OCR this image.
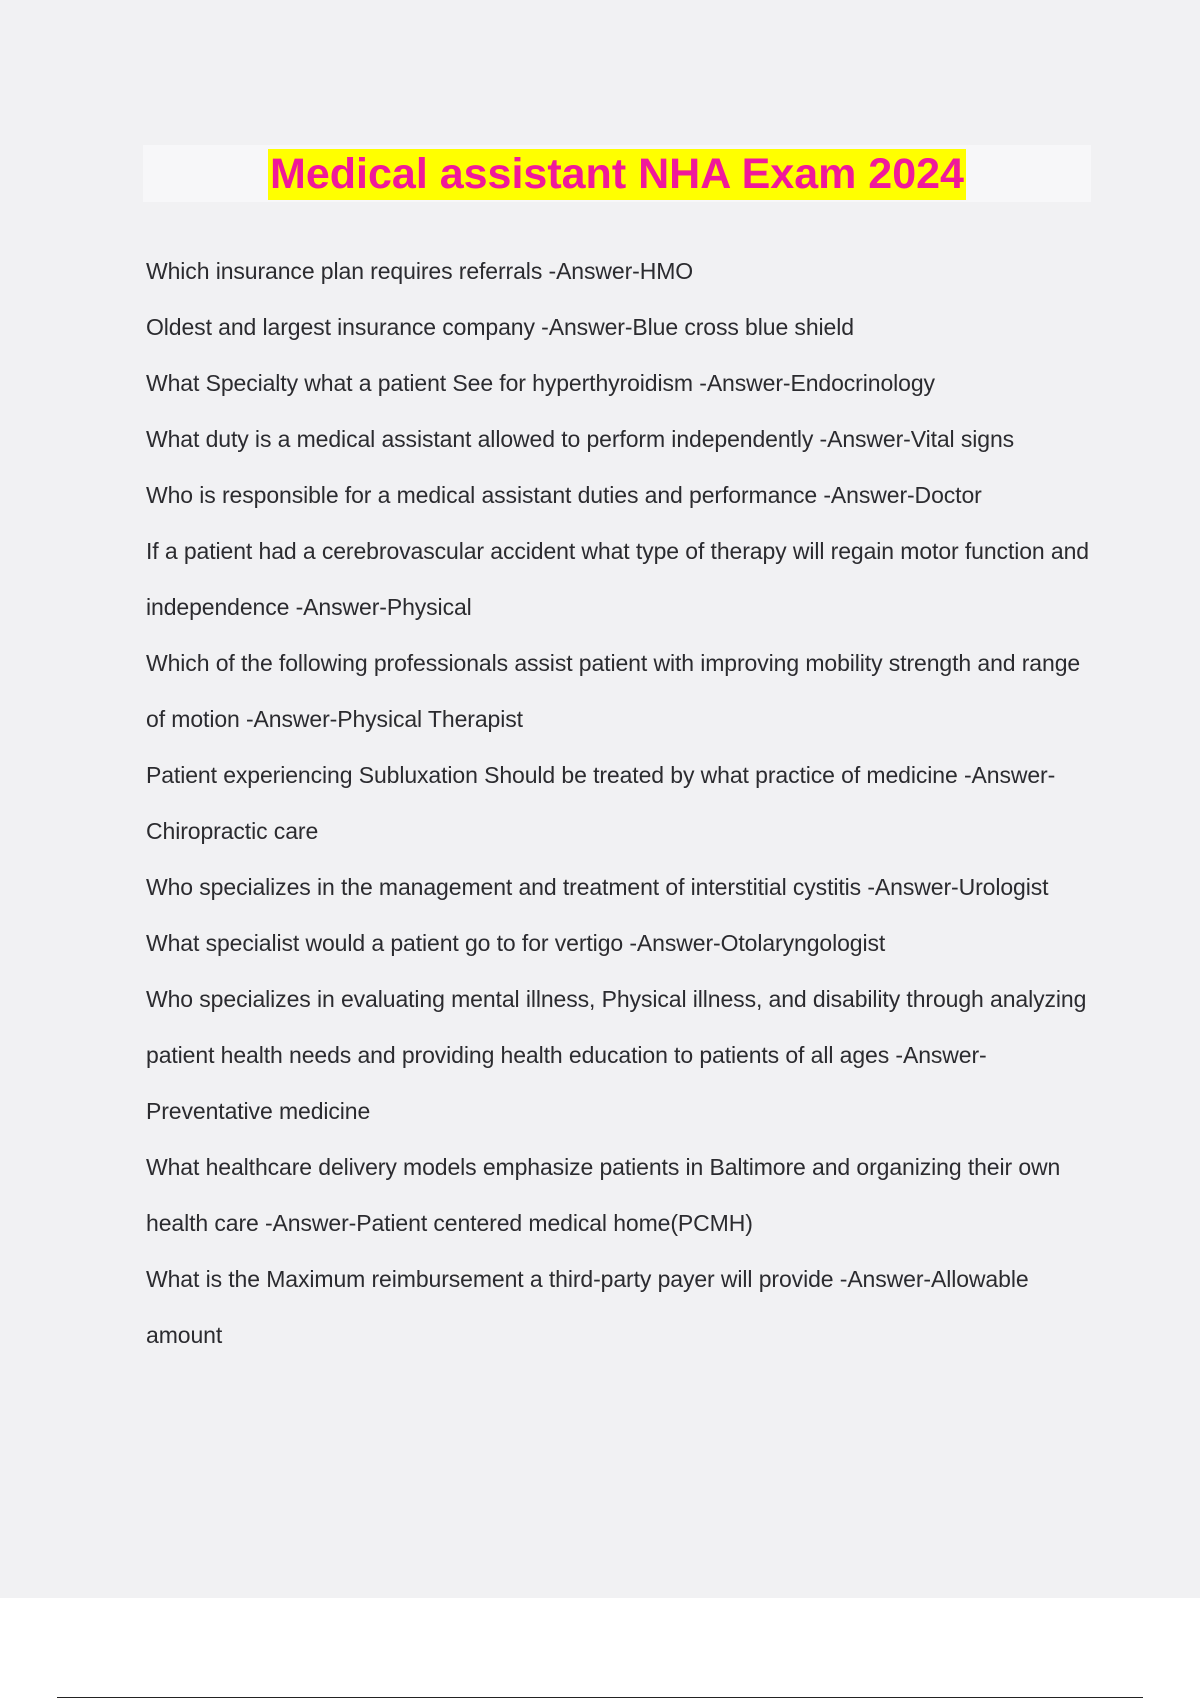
Medical assistant NHA Exam 2024
Which insurance plan requires referrals -Answer-HMO
Oldest and largest insurance company -Answer-Blue cross blue shield
What Specialty what a patient See for hyperthyroidism -Answer-Endocrinology
What duty is a medical assistant allowed to perform independently -Answer-Vital signs
Who is responsible for a medical assistant duties and performance -Answer-Doctor
If a patient had a cerebrovascular accident what type of therapy will regain motor function and independence -Answer-Physical
Which of the following professionals assist patient with improving mobility strength and range of motion -Answer-Physical Therapist
Patient experiencing Subluxation Should be treated by what practice of medicine -Answer-Chiropractic care
Who specializes in the management and treatment of interstitial cystitis -Answer-Urologist
What specialist would a patient go to for vertigo -Answer-Otolaryngologist
Who specializes in evaluating mental illness, Physical illness, and disability through analyzing patient health needs and providing health education to patients of all ages -Answer-Preventative medicine
What healthcare delivery models emphasize patients in Baltimore and organizing their own health care -Answer-Patient centered medical home(PCMH)
What is the Maximum reimbursement a third-party payer will provide -Answer-Allowable amount
